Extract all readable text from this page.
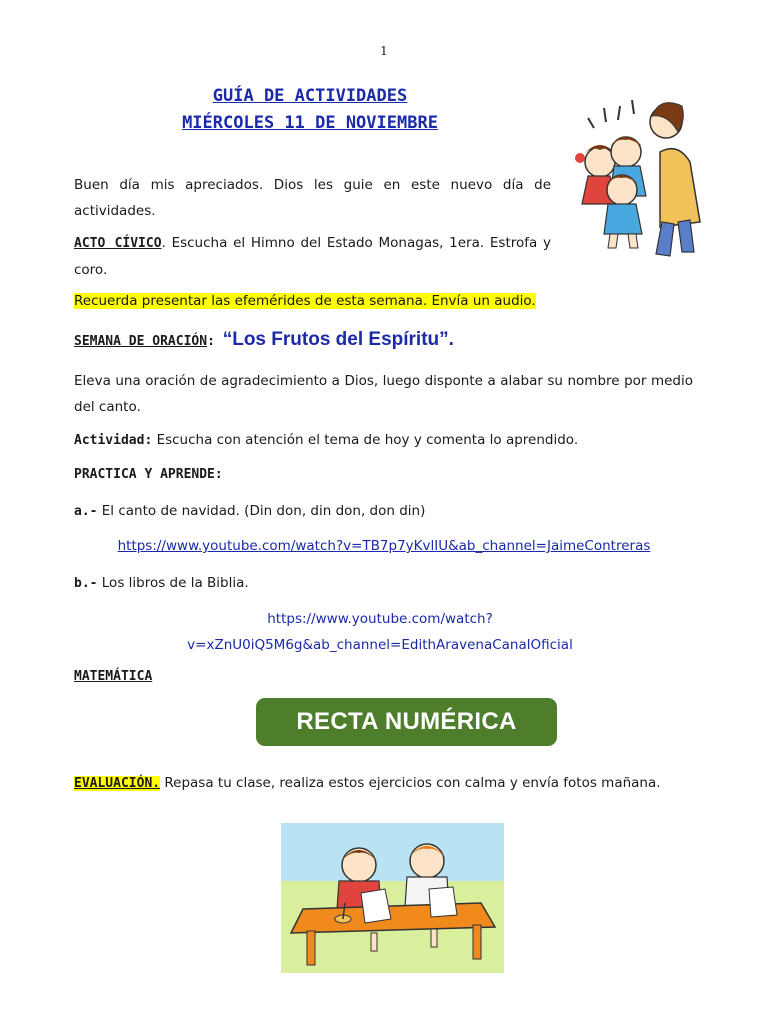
1
GUÍA DE ACTIVIDADES
MIÉRCOLES 11 DE NOVIEMBRE
Buen día mis apreciados. Dios les guie en este nuevo día de actividades.
ACTO CÍVICO. Escucha el Himno del Estado Monagas, 1era. Estrofa y coro.
Recuerda presentar las efemérides de esta semana. Envía un audio.
SEMANA DE ORACIÓN: “Los Frutos del Espíritu”.
Eleva una oración de agradecimiento a Dios, luego disponte a alabar su nombre por medio del canto.
Actividad: Escucha con atención el tema de hoy y comenta lo aprendido.
PRACTICA Y APRENDE:
a.- El canto de navidad. (Din don, din don, don din)
https://www.youtube.com/watch?v=TB7p7yKvlIU&ab_channel=JaimeContreras
b.- Los libros de la Biblia.
https://www.youtube.com/watch?
v=xZnU0iQ5M6g&ab_channel=EdithAravenaCanalOficial
MATEMÁTICA
RECTA NUMÉRICA
EVALUACIÓN. Repasa tu clase, realiza estos ejercicios con calma y envía fotos mañana.
